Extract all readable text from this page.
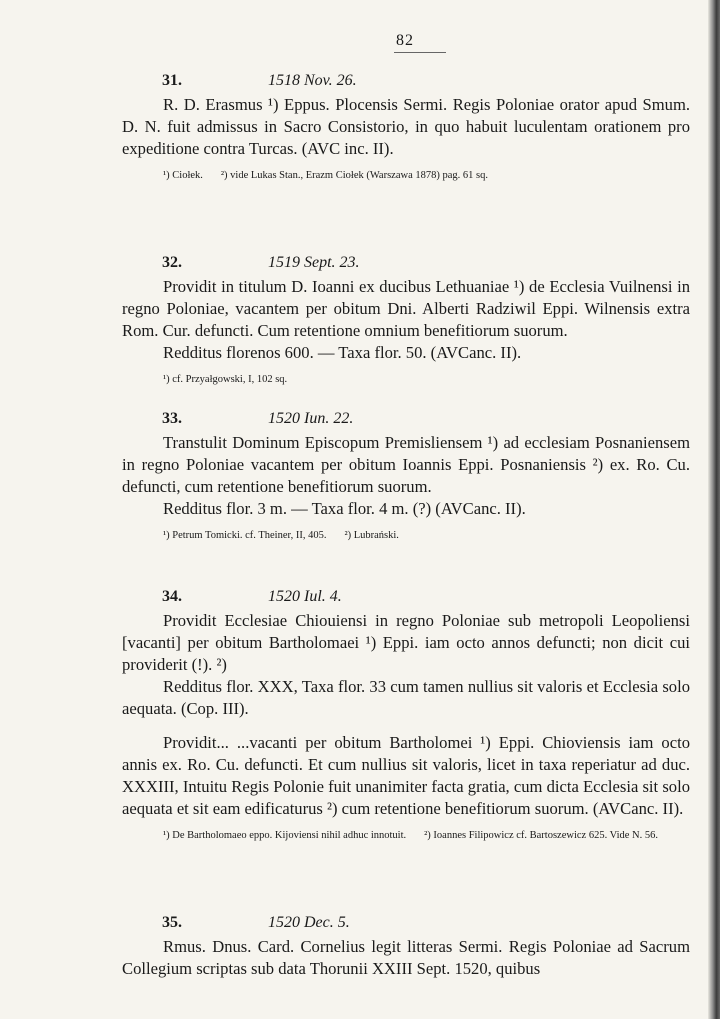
82
31.	1518 Nov. 26.

R. D. Erasmus ¹) Eppus. Plocensis Sermi. Regis Poloniae orator apud Smum. D. N. fuit admissus in Sacro Consistorio, in quo habuit luculentam orationem pro expeditione contra Turcas. (AVC inc. II).

¹) Ciołek. ²) vide Lukas Stan., Erazm Ciołek (Warszawa 1878) pag. 61 sq.

32.	1519 Sept. 23.

Providit in titulum D. Ioanni ex ducibus Lethuaniae ¹) de Ecclesia Vuilnensi in regno Poloniae, vacantem per obitum Dni. Alberti Radziwil Eppi. Wilnensis extra Rom. Cur. defuncti. Cum retentione omnium benefitiorum suorum.

Redditus florenos 600. — Taxa flor. 50. (AVCanc. II).

¹) cf. Przyałgowski, I, 102 sq.

33.	1520 Iun. 22.

Transtulit Dominum Episcopum Premisliensem ¹) ad ecclesiam Posnaniensem in regno Poloniae vacantem per obitum Ioannis Eppi. Posnaniensis ²) ex. Ro. Cu. defuncti, cum retentione benefitiorum suorum.

Redditus flor. 3 m. — Taxa flor. 4 m. (?) (AVCanc. II).

¹) Petrum Tomicki. cf. Theiner, II, 405. ²) Lubrański.

34.	1520 Iul. 4.

Providit Ecclesiae Chiouiensi in regno Poloniae sub metropoli Leopoliensi [vacanti] per obitum Bartholomaei ¹) Eppi. iam octo annos defuncti; non dicit cui providerit (!). ²)

Redditus flor. XXX, Taxa flor. 33 cum tamen nullius sit valoris et Ecclesia solo aequata. (Cop. III).

Providit... ...vacanti per obitum Bartholomei ¹) Eppi. Chioviensis iam octo annis ex. Ro. Cu. defuncti. Et cum nullius sit valoris, licet in taxa reperiatur ad duc. XXXIII, Intuitu Regis Polonie fuit unanimiter facta gratia, cum dicta Ecclesia sit solo aequata et sit eam edificaturus ²) cum retentione benefitiorum suorum. (AVCanc. II).

¹) De Bartholomaeo eppo. Kijoviensi nihil adhuc innotuit. ²) Ioannes Filipowicz cf. Bartoszewicz 625. Vide N. 56.

35.	1520 Dec. 5.

Rmus. Dnus. Card. Cornelius legit litteras Sermi. Regis Poloniae ad Sacrum Collegium scriptas sub data Thorunii XXIII Sept. 1520, quibus
